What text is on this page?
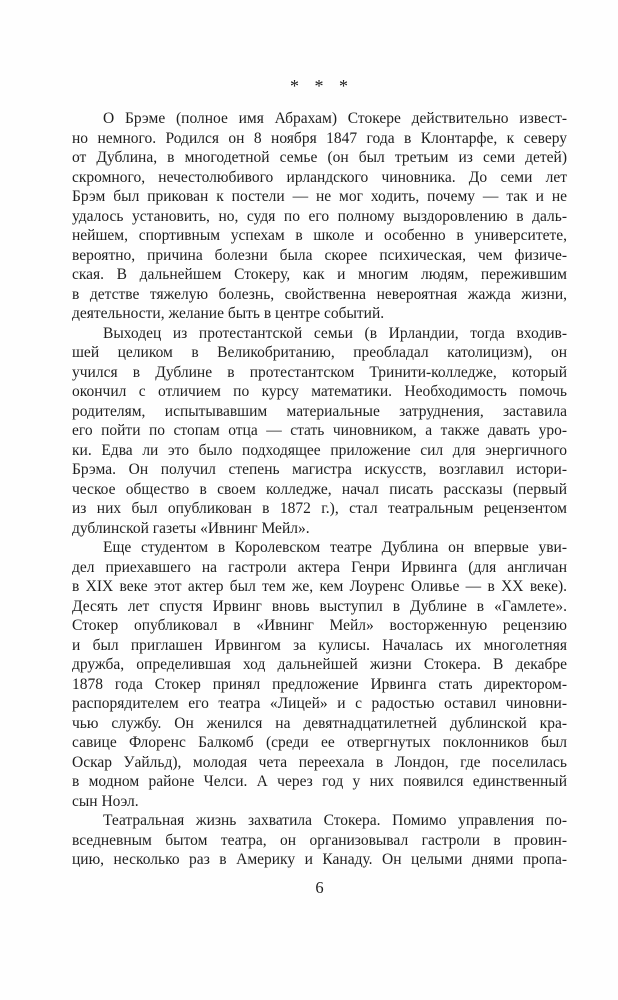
* * *
О Брэме (полное имя Абрахам) Стокере действительно извест-
но немного. Родился он 8 ноября 1847 года в Клонтарфе, к северу
от Дублина, в многодетной семье (он был третьим из семи детей)
скромного, нечестолюбивого ирландского чиновника. До семи лет
Брэм был прикован к постели — не мог ходить, почему — так и не
удалось установить, но, судя по его полному выздоровлению в даль-
нейшем, спортивным успехам в школе и особенно в университете,
вероятно, причина болезни была скорее психическая, чем физиче-
ская. В дальнейшем Стокеру, как и многим людям, пережившим
в детстве тяжелую болезнь, свойственна невероятная жажда жизни,
деятельности, желание быть в центре событий.
Выходец из протестантской семьи (в Ирландии, тогда входив-
шей целиком в Великобританию, преобладал католицизм), он
учился в Дублине в протестантском Тринити-колледже, который
окончил с отличием по курсу математики. Необходимость помочь
родителям, испытывавшим материальные затруднения, заставила
его пойти по стопам отца — стать чиновником, а также давать уро-
ки. Едва ли это было подходящее приложение сил для энергичного
Брэма. Он получил степень магистра искусств, возглавил истори-
ческое общество в своем колледже, начал писать рассказы (первый
из них был опубликован в 1872 г.), стал театральным рецензентом
дублинской газеты «Ивнинг Мейл».
Еще студентом в Королевском театре Дублина он впервые уви-
дел приехавшего на гастроли актера Генри Ирвинга (для англичан
в XIX веке этот актер был тем же, кем Лоуренс Оливье — в XX веке).
Десять лет спустя Ирвинг вновь выступил в Дублине в «Гамлете».
Стокер опубликовал в «Ивнинг Мейл» восторженную рецензию
и был приглашен Ирвингом за кулисы. Началась их многолетняя
дружба, определившая ход дальнейшей жизни Стокера. В декабре
1878 года Стокер принял предложение Ирвинга стать директором-
распорядителем его театра «Лицей» и с радостью оставил чиновни-
чью службу. Он женился на девятнадцатилетней дублинской кра-
савице Флоренс Балкомб (среди ее отвергнутых поклонников был
Оскар Уайльд), молодая чета переехала в Лондон, где поселилась
в модном районе Челси. А через год у них появился единственный
сын Ноэл.
Театральная жизнь захватила Стокера. Помимо управления по-
вседневным бытом театра, он организовывал гастроли в провин-
цию, несколько раз в Америку и Канаду. Он целыми днями пропа-
6
